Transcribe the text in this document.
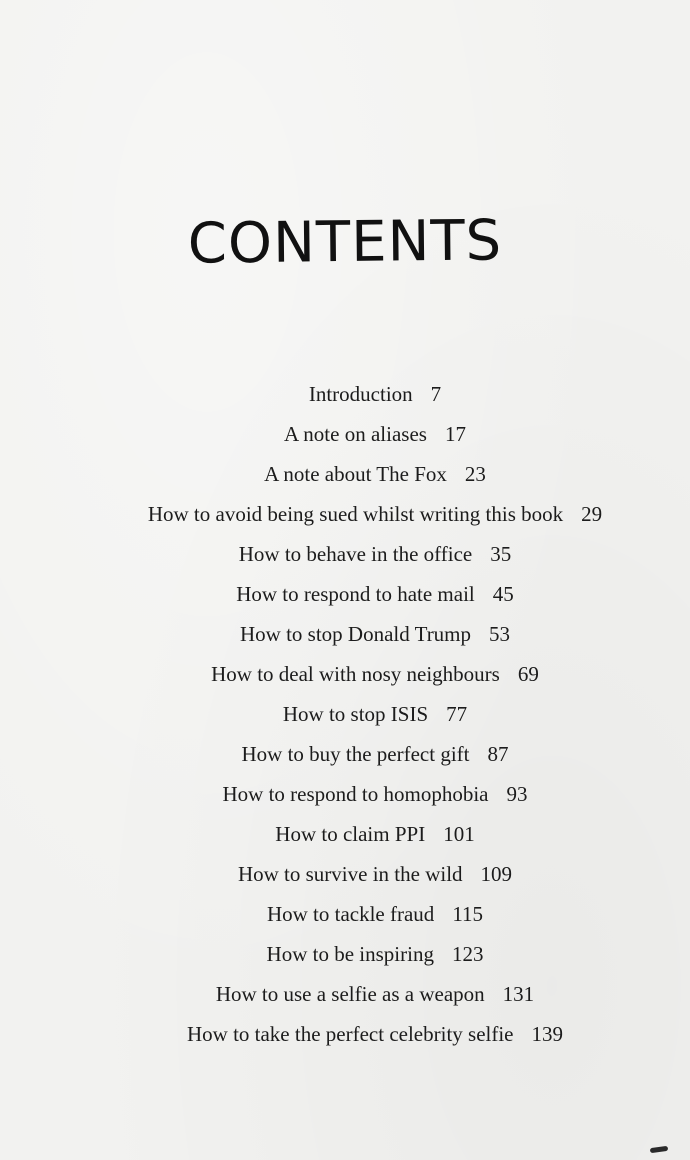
CONTENTS
Introduction 7
A note on aliases 17
A note about The Fox 23
How to avoid being sued whilst writing this book 29
How to behave in the office 35
How to respond to hate mail 45
How to stop Donald Trump 53
How to deal with nosy neighbours 69
How to stop ISIS 77
How to buy the perfect gift 87
How to respond to homophobia 93
How to claim PPI 101
How to survive in the wild 109
How to tackle fraud 115
How to be inspiring 123
How to use a selfie as a weapon 131
How to take the perfect celebrity selfie 139
